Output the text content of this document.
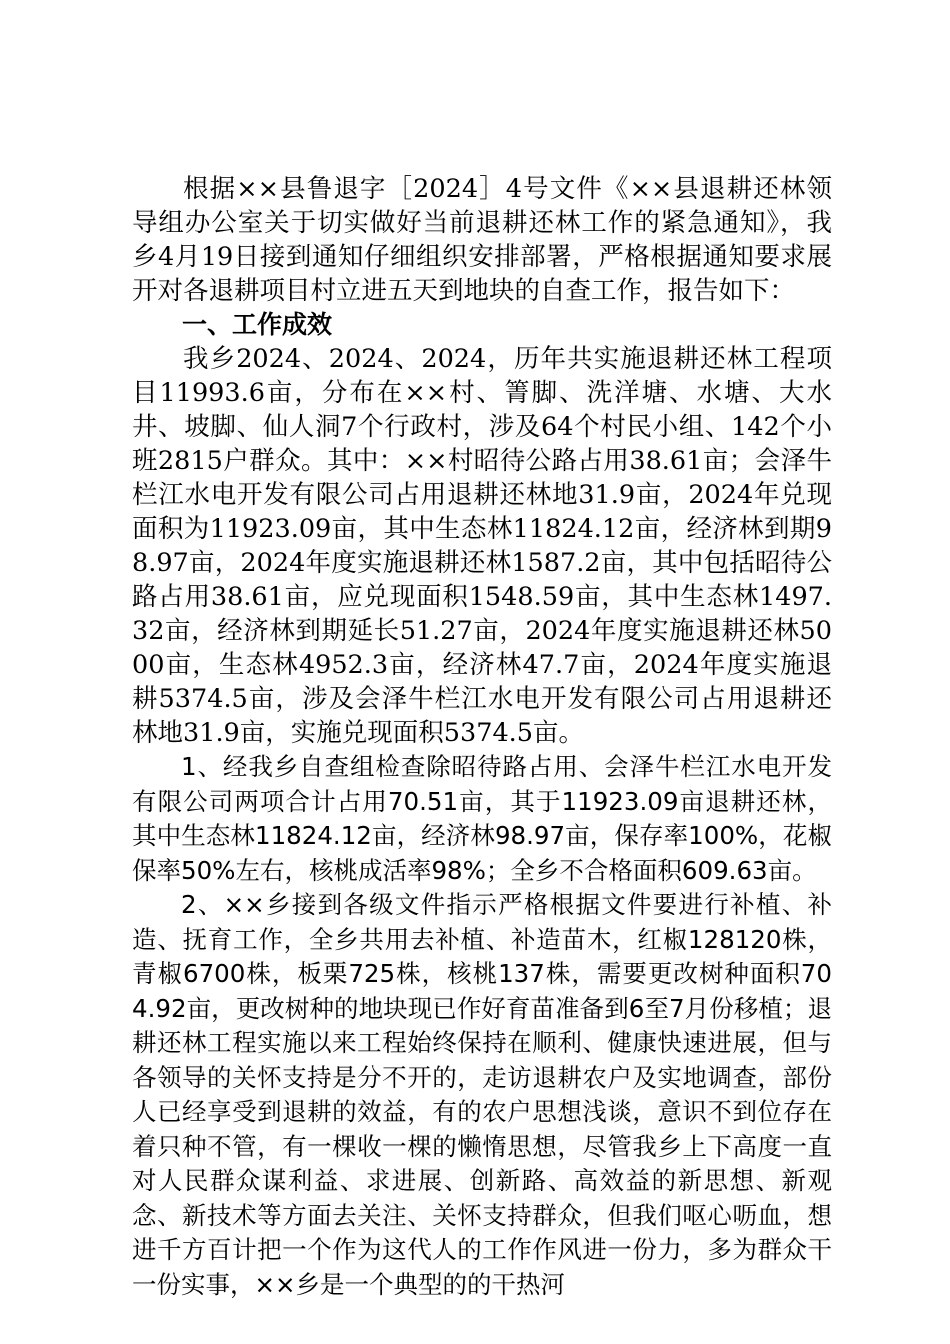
根据××县鲁退字［2024］4号文件《××县退耕还林领导组办公室关于切实做好当前退耕还林工作的紧急通知》，我乡4月19日接到通知仔细组织安排部署，严格根据通知要求展开对各退耕项目村立进五天到地块的自查工作，报告如下：

一、工作成效

我乡2024、2024、2024，历年共实施退耕还林工程项目11993.6亩，分布在××村、箐脚、洗洋塘、水塘、大水井、坡脚、仙人洞7个行政村，涉及64个村民小组、142个小班2815户群众。其中：××村昭待公路占用38.61亩；会泽牛栏江水电开发有限公司占用退耕还林地31.9亩，2024年兑现面积为11923.09亩，其中生态林11824.12亩，经济林到期98.97亩，2024年度实施退耕还林1587.2亩，其中包括昭待公路占用38.61亩，应兑现面积1548.59亩，其中生态林1497.32亩，经济林到期延长51.27亩，2024年度实施退耕还林5000亩，生态林4952.3亩，经济林47.7亩，2024年度实施退耕5374.5亩，涉及会泽牛栏江水电开发有限公司占用退耕还林地31.9亩，实施兑现面积5374.5亩。

1、经我乡自查组检查除昭待路占用、会泽牛栏江水电开发有限公司两项合计占用70.51亩，其于11923.09亩退耕还林，其中生态林11824.12亩，经济林98.97亩，保存率100%，花椒保率50%左右，核桃成活率98%；全乡不合格面积609.63亩。

2、××乡接到各级文件指示严格根据文件要进行补植、补造、抚育工作，全乡共用去补植、补造苗木，红椒128120株，青椒6700株，板栗725株，核桃137株，需要更改树种面积704.92亩，更改树种的地块现已作好育苗准备到6至7月份移植；退耕还林工程实施以来工程始终保持在顺利、健康快速进展，但与各领导的关怀支持是分不开的，走访退耕农户及实地调查，部份人已经享受到退耕的效益，有的农户思想浅谈，意识不到位存在着只种不管，有一棵收一棵的懒惰思想，尽管我乡上下高度一直对人民群众谋利益、求进展、创新路、高效益的新思想、新观念、新技术等方面去关注、关怀支持群众，但我们呕心呖血，想进千方百计把一个作为这代人的工作作风进一份力，多为群众干一份实事，××乡是一个典型的的干热河
